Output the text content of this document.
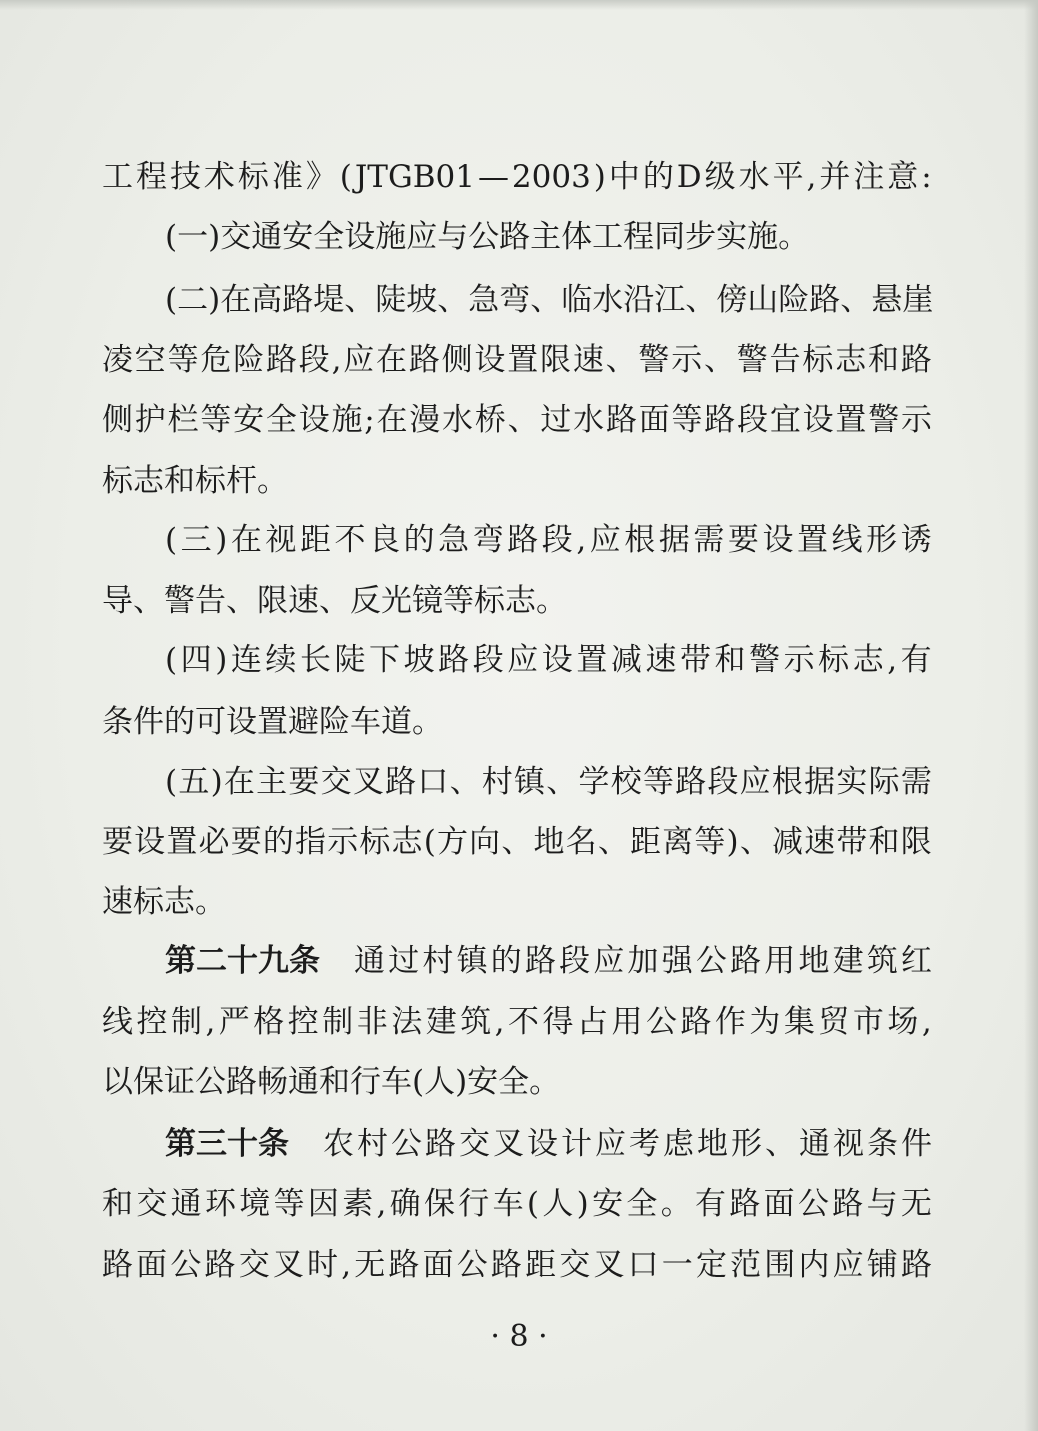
工 程 技 术 标 准 》 ( JTGB01 — 2003 ) 中 的 D 级 水 平 , 并 注 意 :
(一)交通安全设施应与公路主体工程同步实施。
( 二 ) 在 高 路 堤 、 陡 坡 、 急 弯 、 临 水 沿 江 、 傍 山 险 路 、 悬 崖
凌 空 等 危 险 路 段 , 应 在 路 侧 设 置 限 速 、 警 示 、 警 告 标 志 和 路
侧 护 栏 等 安 全 设 施 ; 在 漫 水 桥 、 过 水 路 面 等 路 段 宜 设 置 警 示
标志和标杆。
( 三 ) 在 视 距 不 良 的 急 弯 路 段 , 应 根 据 需 要 设 置 线 形 诱
导、警告、限速、反光镜等标志。
( 四 ) 连 续 长 陡 下 坡 路 段 应 设 置 减 速 带 和 警 示 标 志 , 有
条件的可设置避险车道。
( 五 ) 在 主 要 交 叉 路 口 、 村 镇 、 学 校 等 路 段 应 根 据 实 际 需
要 设 置 必 要 的 指 示 标 志 ( 方 向 、 地 名 、 距 离 等 ) 、 减 速 带 和 限
速标志。
第二十九条 通 过 村 镇 的 路 段 应 加 强 公 路 用 地 建 筑 红
线 控 制 , 严 格 控 制 非 法 建 筑 , 不 得 占 用 公 路 作 为 集 贸 市 场 ,
以保证公路畅通和行车(人)安全。
第三十条 农 村 公 路 交 叉 设 计 应 考 虑 地 形 、 通 视 条 件
和 交 通 环 境 等 因 素 , 确 保 行 车 ( 人 ) 安 全 。 有 路 面 公 路 与 无
路 面 公 路 交 叉 时 , 无 路 面 公 路 距 交 叉 口 一 定 范 围 内 应 铺 路
· 8 ·
